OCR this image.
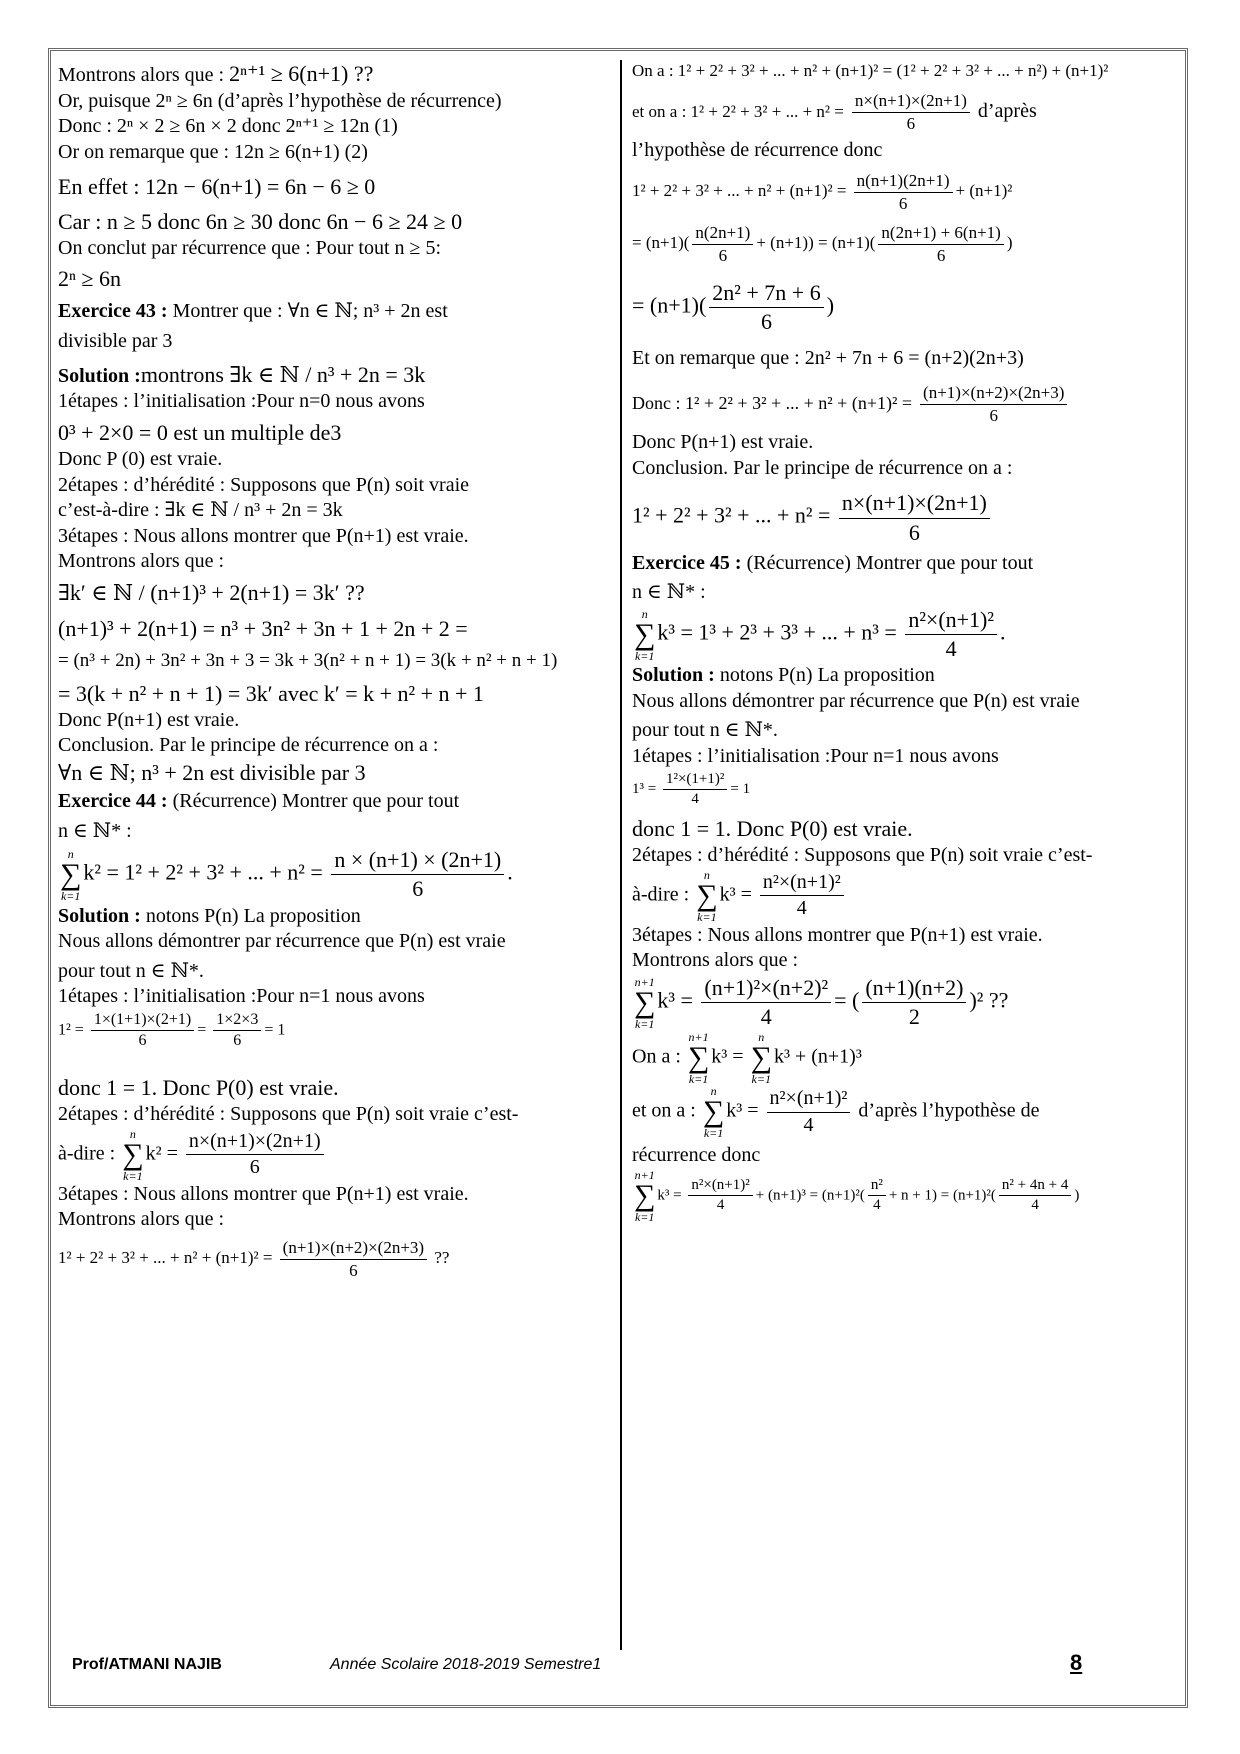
Montrons alors que : 2ⁿ⁺¹ ≥ 6(n+1) ??
Or, puisque 2ⁿ ≥ 6n (d’après l’hypothèse de récurrence)
Donc : 2ⁿ × 2 ≥ 6n × 2 donc 2ⁿ⁺¹ ≥ 12n (1)
Or on remarque que : 12n ≥ 6(n+1) (2)
En effet : 12n − 6(n+1) = 6n − 6 ≥ 0
Car : n ≥ 5 donc 6n ≥ 30 donc 6n − 6 ≥ 24 ≥ 0
On conclut par récurrence que : Pour tout n ≥ 5:
2ⁿ ≥ 6n
Exercice 43 : Montrer que : ∀n ∈ ℕ; n³ + 2n est
divisible par 3
Solution :montrons ∃k ∈ ℕ / n³ + 2n = 3k
1étapes : l’initialisation :Pour n=0 nous avons
0³ + 2×0 = 0 est un multiple de3
Donc P (0) est vraie.
2étapes : d’hérédité : Supposons que P(n) soit vraie
c’est-à-dire : ∃k ∈ ℕ / n³ + 2n = 3k
3étapes : Nous allons montrer que P(n+1) est vraie.
Montrons alors que :
∃k′ ∈ ℕ / (n+1)³ + 2(n+1) = 3k′ ??
(n+1)³ + 2(n+1) = n³ + 3n² + 3n + 1 + 2n + 2 =
= (n³ + 2n) + 3n² + 3n + 3 = 3k + 3(n² + n + 1) = 3(k + n² + n + 1)
= 3(k + n² + n + 1) = 3k′ avec k′ = k + n² + n + 1
Donc P(n+1) est vraie.
Conclusion. Par le principe de récurrence on a :
∀n ∈ ℕ; n³ + 2n est divisible par 3
Exercice 44 : (Récurrence) Montrer que pour tout
n ∈ ℕ* :
n
∑
k=1
k² = 1² + 2² + 3² + ... + $n^2 = \frac{n \times (n+1) \times (2n+1)}{6}$ .
Solution : notons P(n) La proposition
Nous allons démontrer par récurrence que P(n) est vraie
pour tout n ∈ ℕ*.
1étapes : l’initialisation :Pour n=1 nous avons
$1^2 = \frac{1\times(1+1)\times(2+1)}{6} = \frac{1\times 2\times 3}{6} = 1$
donc 1 = 1. Donc P(0) est vraie.
2étapes : d’hérédité : Supposons que P(n) soit vraie c’est-
à-dire :
n
∑
k=1
$k^2 = \frac{n\times(n+1)\times(2n+1)}{6}$
3étapes : Nous allons montrer que P(n+1) est vraie.
Montrons alors que :
1² + 2² + 3² + ... + $n^2 + (n+1)^2 = \frac{(n+1)\times(n+2)\times(2n+3)}{6}$ ??
On a : 1² + 2² + 3² + ... + n² + (n+1)² = (1² + 2² + 3² + ... + n²) + (n+1)²
et on a : 1² + 2² + 3² + ... + $n^2 = \frac{n\times(n+1)\times(2n+1)}{6}$ d’après
l’hypothèse de récurrence donc
1² + 2² + 3² + ... + $n^2 + (n+1)^2 = \frac{n(n+1)(2n+1)}{6} + (n+1)^2$
= $(n+1)( \frac{n(2n+1)}{6} + (n+1)) = (n+1)( \frac{n(2n+1) + 6(n+1)}{6}$ )
= $(n+1)( \frac{\text{2n² + 7n + 6}}{6}$ )
Et on remarque que : 2n² + 7n + 6 = (n+2)(2n+3)
Donc : 1² + 2² + 3² + ... + $n^2 + (n+1)^2 = \frac{(n+1)\times(n+2)\times(2n+3)}{6}$
Donc P(n+1) est vraie.
Conclusion. Par le principe de récurrence on a :
1² + 2² + 3² + ... + $n^2 = \frac{n\times(n+1)\times(2n+1)}{6}$
Exercice 45 : (Récurrence) Montrer que pour tout
n ∈ ℕ* :
n
∑
k=1
k³ = 1³ + 2³ + 3³ + ... + $n^3 = \frac{\text{n²×(n+1)²}}{4}$ .
Solution : notons P(n) La proposition
Nous allons démontrer par récurrence que P(n) est vraie
pour tout n ∈ ℕ*.
1étapes : l’initialisation :Pour n=1 nous avons
$1^3 = \frac{\text{1²×(1+1)²}}{4} = 1$
donc 1 = 1. Donc P(0) est vraie.
2étapes : d’hérédité : Supposons que P(n) soit vraie c’est-
à-dire :
n
∑
k=1
$k^3 = \frac{\text{n²×(n+1)²}}{4}$
3étapes : Nous allons montrer que P(n+1) est vraie.
Montrons alors que :
n+1
∑
k=1
$k^3 = \frac{\text{(n+1)²×(n+2)²}}{4}$ = ( $\frac{(n+1)(n+2)}{2} )^2$ ??
On a :
n+1
∑
k=1
k³ =
n
∑
k=1
k³ + (n+1)³
et on a :
n
∑
k=1
$k^3 = \frac{\text{n²×(n+1)²}}{4}$ d’après l’hypothèse de
récurrence donc
n+1
∑
k=1
$k^3 = \frac{\text{n²×(n+1)²}}{4} + (n+1)^3 = (n+1)^2( \frac{\text{n²}}{4} + n + 1) = (n+1)^2( \frac{\text{n² + 4n + 4}}{4}$ )
Prof/ATMANI NAJIB	Année Scolaire 2018-2019 Semestre1	8
